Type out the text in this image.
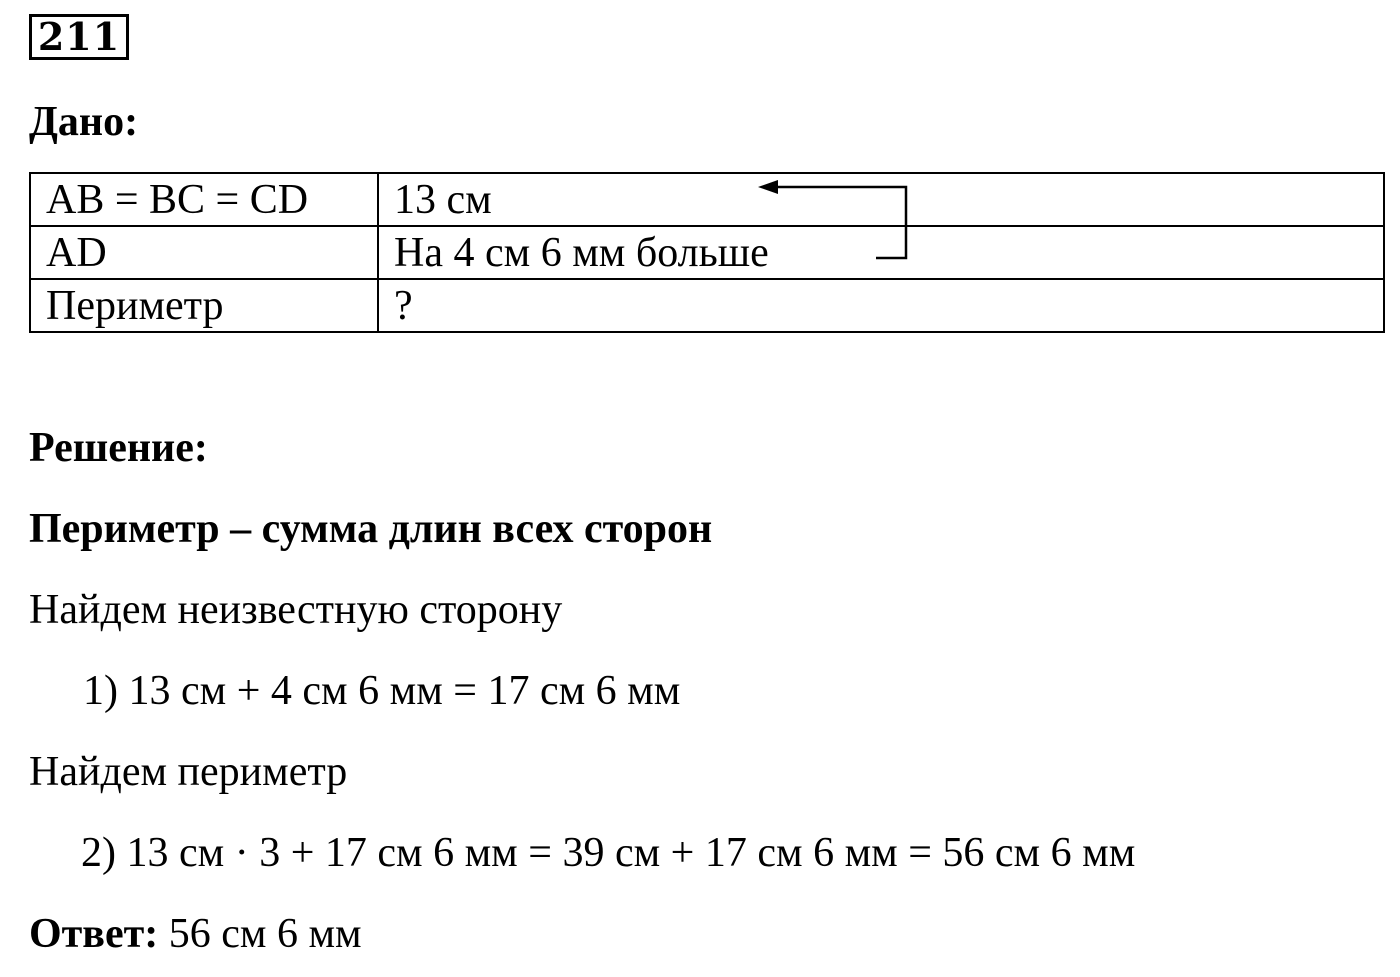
211
Дано:
AB = BC = CD	13 см
AD	На 4 см 6 мм больше
Периметр	?
Решение:
Периметр – сумма длин всех сторон
Найдем неизвестную сторону
1) 13 см + 4 см 6 мм = 17 см 6 мм
Найдем периметр
2) 13 см · 3 + 17 см 6 мм = 39 см + 17 см 6 мм = 56 см 6 мм
Ответ: 56 см 6 мм
